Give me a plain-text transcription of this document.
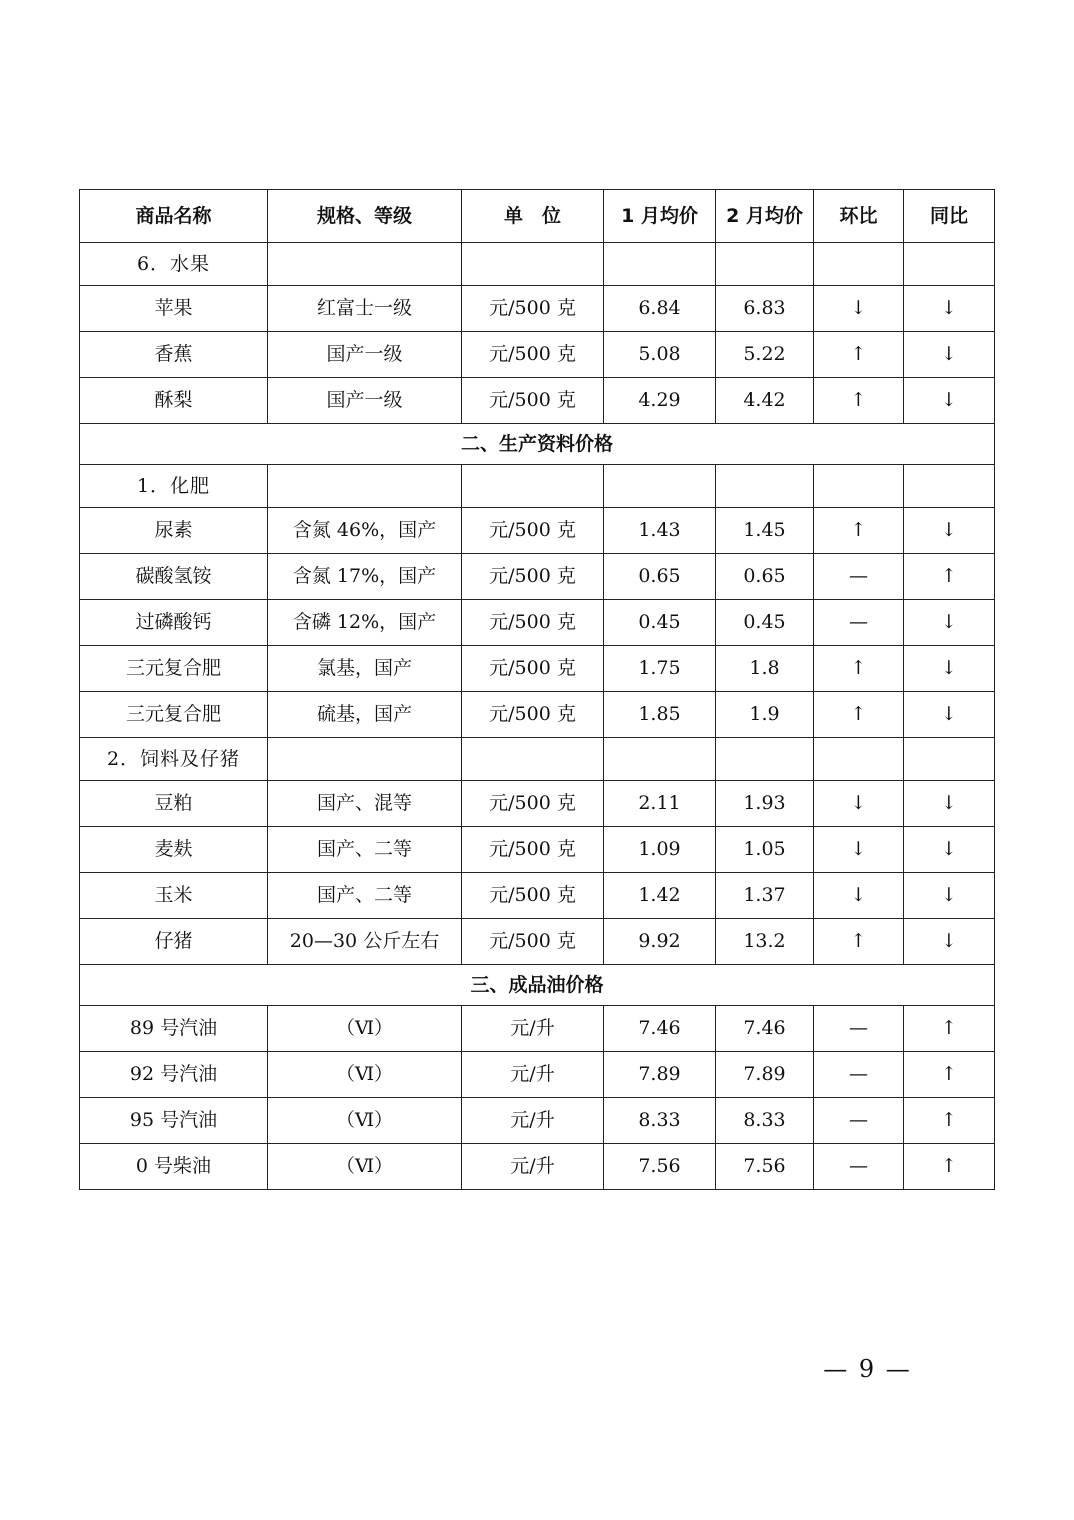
商品名称	规格、等级	单　位	1 月均价	2 月均价	环比	同比
6．水果						
苹果	红富士一级	元/500 克	6.84	6.83	↓	↓
香蕉	国产一级	元/500 克	5.08	5.22	↑	↓
酥梨	国产一级	元/500 克	4.29	4.42	↑	↓
二、生产资料价格						
1．化肥						
尿素	含氮 46%，国产	元/500 克	1.43	1.45	↑	↓
碳酸氢铵	含氮 17%，国产	元/500 克	0.65	0.65	—	↑
过磷酸钙	含磷 12%，国产	元/500 克	0.45	0.45	—	↓
三元复合肥	氯基，国产	元/500 克	1.75	1.8	↑	↓
三元复合肥	硫基，国产	元/500 克	1.85	1.9	↑	↓
2．饲料及仔猪						
豆粕	国产、混等	元/500 克	2.11	1.93	↓	↓
麦麸	国产、二等	元/500 克	1.09	1.05	↓	↓
玉米	国产、二等	元/500 克	1.42	1.37	↓	↓
仔猪	20—30 公斤左右	元/500 克	9.92	13.2	↑	↓
三、成品油价格						
89 号汽油	（Ⅵ）	元/升	7.46	7.46	—	↑
92 号汽油	（Ⅵ）	元/升	7.89	7.89	—	↑
95 号汽油	（Ⅵ）	元/升	8.33	8.33	—	↑
0 号柴油	（Ⅵ）	元/升	7.56	7.56	—	↑
— 9 —
